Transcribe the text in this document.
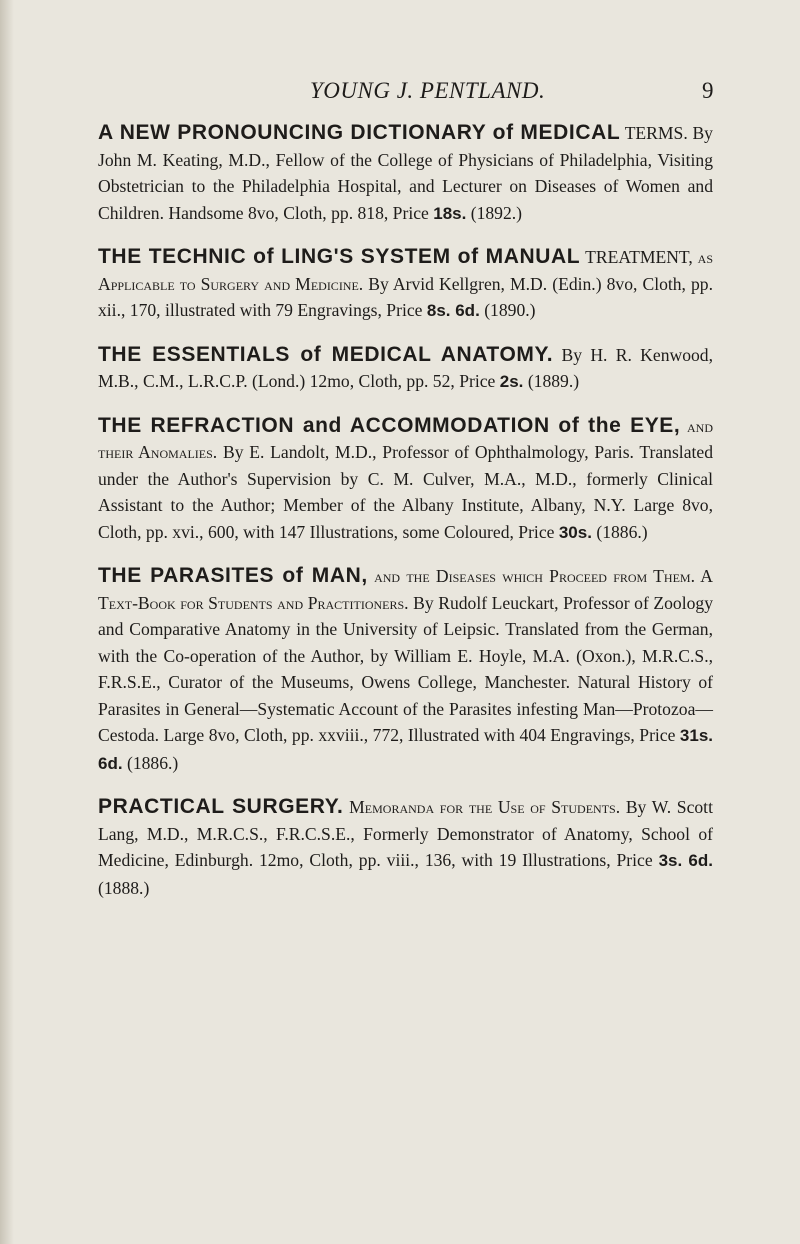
YOUNG J. PENTLAND.	9

A NEW PRONOUNCING DICTIONARY of MEDICAL TERMS. By John M. Keating, M.D., Fellow of the College of Physicians of Philadelphia, Visiting Obstetrician to the Philadelphia Hospital, and Lecturer on Diseases of Women and Children. Handsome 8vo, Cloth, pp. 818, Price 18s. (1892.)

THE TECHNIC of LING'S SYSTEM of MANUAL TREATMENT, as Applicable to Surgery and Medicine. By Arvid Kellgren, M.D. (Edin.) 8vo, Cloth, pp. xii., 170, illustrated with 79 Engravings, Price 8s. 6d. (1890.)

THE ESSENTIALS of MEDICAL ANATOMY. By H. R. Kenwood, M.B., C.M., L.R.C.P. (Lond.) 12mo, Cloth, pp. 52, Price 2s. (1889.)

THE REFRACTION and ACCOMMODATION of the EYE, and their Anomalies. By E. Landolt, M.D., Professor of Ophthalmology, Paris. Translated under the Author's Supervision by C. M. Culver, M.A., M.D., formerly Clinical Assistant to the Author; Member of the Albany Institute, Albany, N.Y. Large 8vo, Cloth, pp. xvi., 600, with 147 Illustrations, some Coloured, Price 30s. (1886.)

THE PARASITES of MAN, and the Diseases which Proceed from Them. A Text-Book for Students and Practitioners. By Rudolf Leuckart, Professor of Zoology and Comparative Anatomy in the University of Leipsic. Translated from the German, with the Co-operation of the Author, by William E. Hoyle, M.A. (Oxon.), M.R.C.S., F.R.S.E., Curator of the Museums, Owens College, Manchester. Natural History of Parasites in General—Systematic Account of the Parasites infesting Man—Protozoa—Cestoda. Large 8vo, Cloth, pp. xxviii., 772, Illustrated with 404 Engravings, Price 31s. 6d. (1886.)

PRACTICAL SURGERY. Memoranda for the Use of Students. By W. Scott Lang, M.D., M.R.C.S., F.R.C.S.E., Formerly Demonstrator of Anatomy, School of Medicine, Edinburgh. 12mo, Cloth, pp. viii., 136, with 19 Illustrations, Price 3s. 6d. (1888.)
